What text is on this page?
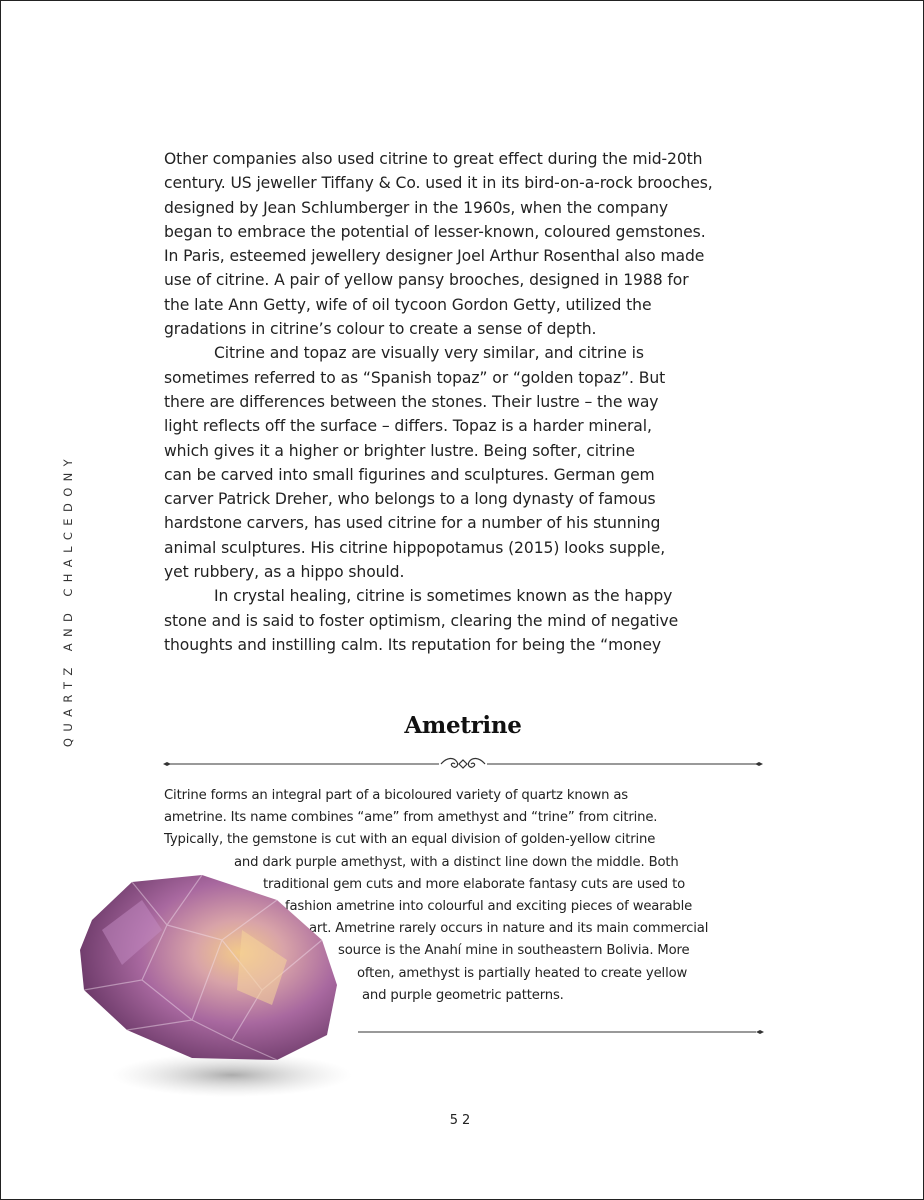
QUARTZ AND CHALCEDONY

Other companies also used citrine to great effect during the mid-20th

century. US jeweller Tiffany & Co. used it in its bird-on-a-rock brooches,

designed by Jean Schlumberger in the 1960s, when the company

began to embrace the potential of lesser-known, coloured gemstones.

In Paris, esteemed jewellery designer Joel Arthur Rosenthal also made

use of citrine. A pair of yellow pansy brooches, designed in 1988 for

the late Ann Getty, wife of oil tycoon Gordon Getty, utilized the

gradations in citrine’s colour to create a sense of depth.

Citrine and topaz are visually very similar, and citrine is

sometimes referred to as “Spanish topaz” or “golden topaz”. But

there are differences between the stones. Their lustre – the way

light reflects off the surface – differs. Topaz is a harder mineral,

which gives it a higher or brighter lustre. Being softer, citrine

can be carved into small figurines and sculptures. German gem

carver Patrick Dreher, who belongs to a long dynasty of famous

hardstone carvers, has used citrine for a number of his stunning

animal sculptures. His citrine hippopotamus (2015) looks supple,

yet rubbery, as a hippo should.

In crystal healing, citrine is sometimes known as the happy

stone and is said to foster optimism, clearing the mind of negative

thoughts and instilling calm. Its reputation for being the “money

Ametrine
Citrine forms an integral part of a bicoloured variety of quartz known as
ametrine. Its name combines “ame” from amethyst and “trine” from citrine.
Typically, the gemstone is cut with an equal division of golden-yellow citrine
and dark purple amethyst, with a distinct line down the middle. Both
traditional gem cuts and more elaborate fantasy cuts are used to
fashion ametrine into colourful and exciting pieces of wearable
art. Ametrine rarely occurs in nature and its main commercial
source is the Anahí mine in southeastern Bolivia. More
often, amethyst is partially heated to create yellow
and purple geometric patterns.
52
